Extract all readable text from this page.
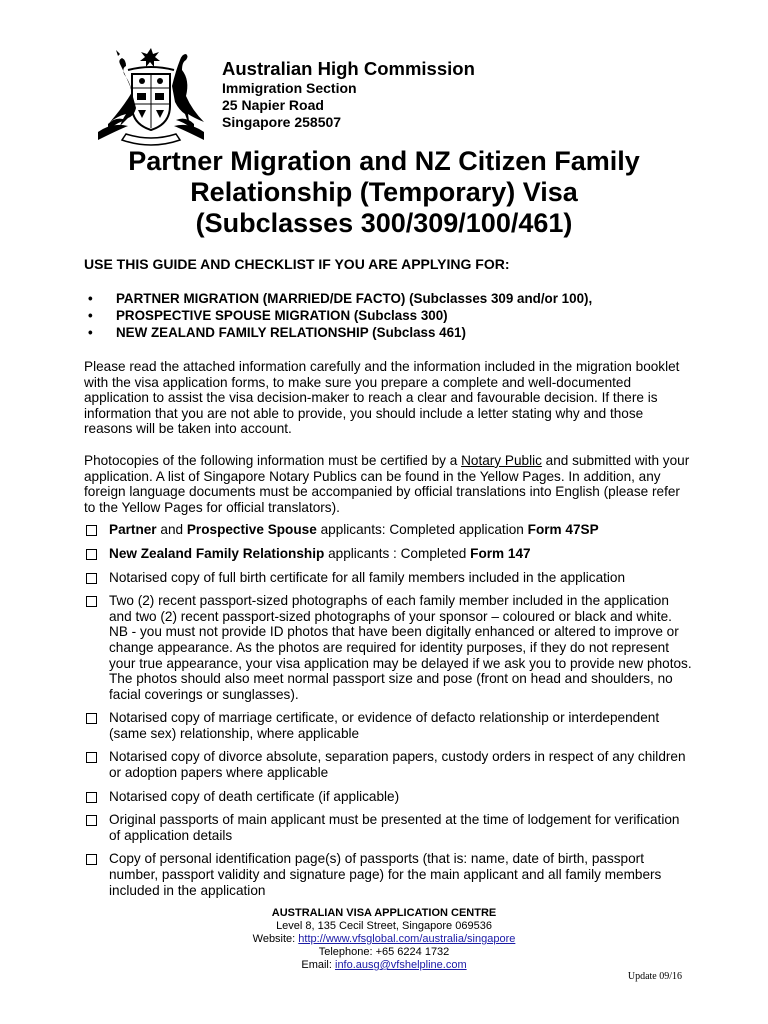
Australian High Commission
Immigration Section
25 Napier Road
Singapore 258507
Partner Migration and NZ Citizen Family
Relationship (Temporary) Visa
(Subclasses 300/309/100/461)

USE THIS GUIDE AND CHECKLIST IF YOU ARE APPLYING FOR:

• PARTNER MIGRATION (MARRIED/DE FACTO) (Subclasses 309 and/or 100),
• PROSPECTIVE SPOUSE MIGRATION (Subclass 300)
• NEW ZEALAND FAMILY RELATIONSHIP (Subclass 461)

Please read the attached information carefully and the information included in the migration booklet with the visa application forms, to make sure you prepare a complete and well-documented application to assist the visa decision-maker to reach a clear and favourable decision. If there is information that you are not able to provide, you should include a letter stating why and those reasons will be taken into account.

Photocopies of the following information must be certified by a Notary Public and submitted with your application. A list of Singapore Notary Publics can be found in the Yellow Pages. In addition, any foreign language documents must be accompanied by official translations into English (please refer to the Yellow Pages for official translators).

Partner and Prospective Spouse applicants: Completed application Form 47SP
New Zealand Family Relationship applicants : Completed Form 147
Notarised copy of full birth certificate for all family members included in the application
Two (2) recent passport-sized photographs of each family member included in the application and two (2) recent passport-sized photographs of your sponsor – coloured or black and white. NB - you must not provide ID photos that have been digitally enhanced or altered to improve or change appearance. As the photos are required for identity purposes, if they do not represent your true appearance, your visa application may be delayed if we ask you to provide new photos. The photos should also meet normal passport size and pose (front on head and shoulders, no facial coverings or sunglasses).
Notarised copy of marriage certificate, or evidence of defacto relationship or interdependent (same sex) relationship, where applicable
Notarised copy of divorce absolute, separation papers, custody orders in respect of any children or adoption papers where applicable
Notarised copy of death certificate (if applicable)
Original passports of main applicant must be presented at the time of lodgement for verification of application details
Copy of personal identification page(s) of passports (that is: name, date of birth, passport number, passport validity and signature page) for the main applicant and all family members included in the application
AUSTRALIAN VISA APPLICATION CENTRE
Level 8, 135 Cecil Street, Singapore 069536
Website: http://www.vfsglobal.com/australia/singapore
Telephone: +65 6224 1732
Email: info.ausg@vfshelpline.com
Update 09/16
